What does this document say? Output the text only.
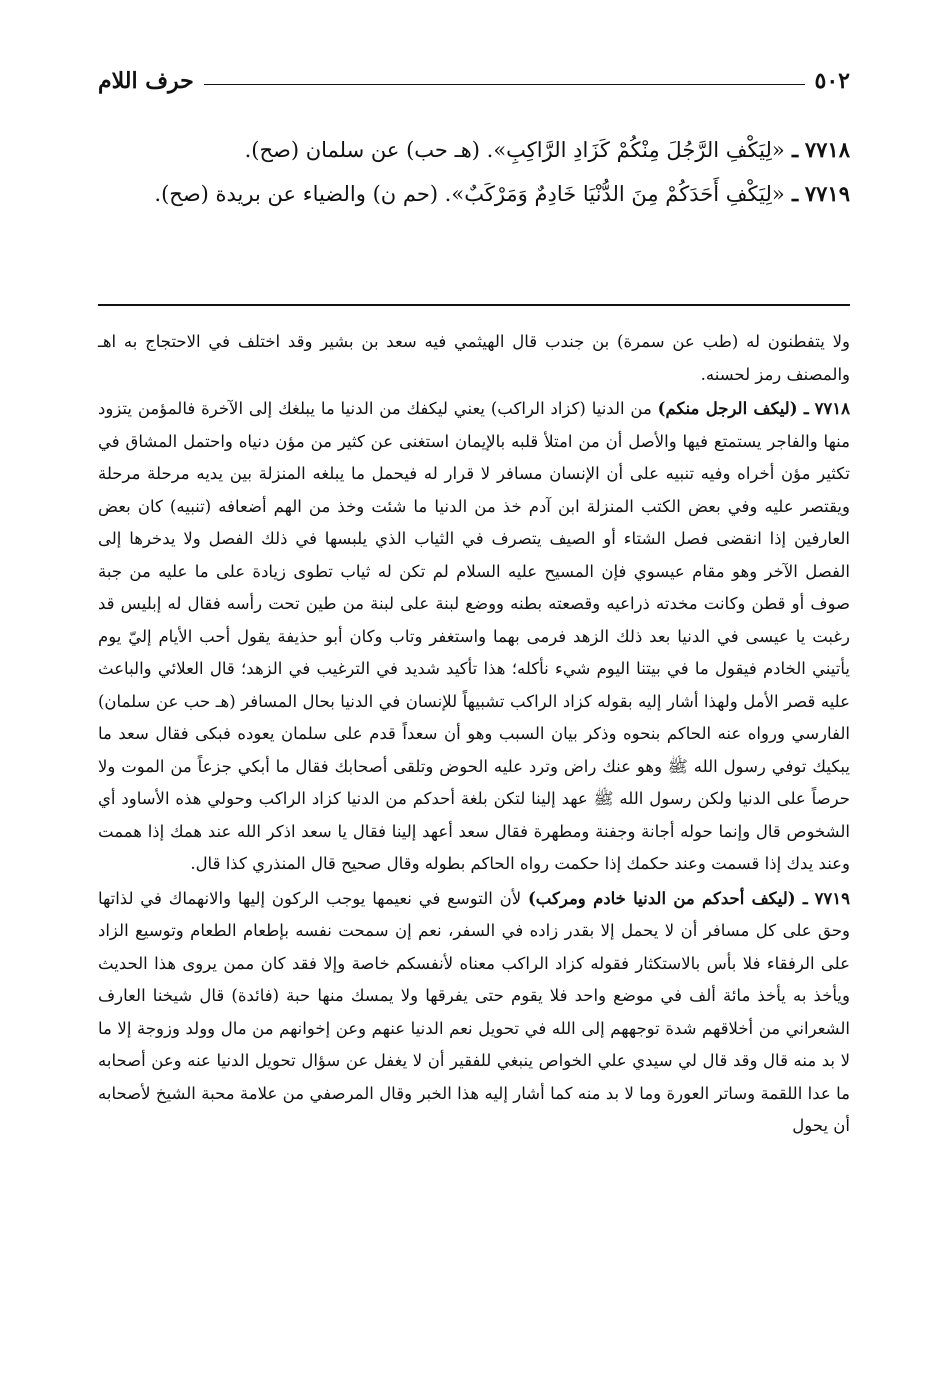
٥٠٢
حرف اللام

٧٧١٨ ـ «لِيَكْفِ الرَّجُلَ مِنْكُمْ كَزَادِ الرَّاكِبِ». (هـ حب) عن سلمان (صح).

٧٧١٩ ـ «لِيَكْفِ أَحَدَكُمْ مِنَ الدُّنْيَا خَادِمٌ وَمَرْكَبٌ». (حم ن) والضياء عن بريدة (صح).

ولا يتفطنون له (طب عن سمرة) بن جندب قال الهيثمي فيه سعد بن بشير وقد اختلف في الاحتجاج به اهـ والمصنف رمز لحسنه.

٧٧١٨ ـ (ليكف الرجل منكم) من الدنيا (كزاد الراكب) يعني ليكفك من الدنيا ما يبلغك إلى الآخرة فالمؤمن يتزود منها والفاجر يستمتع فيها والأصل أن من امتلأ قلبه بالإيمان استغنى عن كثير من مؤن دنياه واحتمل المشاق في تكثير مؤن أخراه وفيه تنبيه على أن الإنسان مسافر لا قرار له فيحمل ما يبلغه المنزلة بين يديه مرحلة مرحلة ويقتصر عليه وفي بعض الكتب المنزلة ابن آدم خذ من الدنيا ما شئت وخذ من الهم أضعافه (تنبيه) كان بعض العارفين إذا انقضى فصل الشتاء أو الصيف يتصرف في الثياب الذي يلبسها في ذلك الفصل ولا يدخرها إلى الفصل الآخر وهو مقام عيسوي فإن المسيح عليه السلام لم تكن له ثياب تطوى زيادة على ما عليه من جبة صوف أو قطن وكانت مخدته ذراعيه وقصعته بطنه ووضع لبنة على لبنة من طين تحت رأسه فقال له إبليس قد رغبت يا عيسى في الدنيا بعد ذلك الزهد فرمى بهما واستغفر وتاب وكان أبو حذيفة يقول أحب الأيام إليّ يوم يأتيني الخادم فيقول ما في بيتنا اليوم شيء نأكله؛ هذا تأكيد شديد في الترغيب في الزهد؛ قال العلائي والباعث عليه قصر الأمل ولهذا أشار إليه بقوله كزاد الراكب تشبيهاً للإنسان في الدنيا بحال المسافر (هـ حب عن سلمان) الفارسي ورواه عنه الحاكم بنحوه وذكر بيان السبب وهو أن سعداً قدم على سلمان يعوده فبكى فقال سعد ما يبكيك توفي رسول الله ﷺ وهو عنك راض وترد عليه الحوض وتلقى أصحابك فقال ما أبكي جزعاً من الموت ولا حرصاً على الدنيا ولكن رسول الله ﷺ عهد إلينا لتكن بلغة أحدكم من الدنيا كزاد الراكب وحولي هذه الأساود أي الشخوص قال وإنما حوله أجانة وجفنة ومطهرة فقال سعد أعهد إلينا فقال يا سعد اذكر الله عند همك إذا هممت وعند يدك إذا قسمت وعند حكمك إذا حكمت رواه الحاكم بطوله وقال صحيح قال المنذري كذا قال.

٧٧١٩ ـ (ليكف أحدكم من الدنيا خادم ومركب) لأن التوسع في نعيمها يوجب الركون إليها والانهماك في لذاتها وحق على كل مسافر أن لا يحمل إلا بقدر زاده في السفر، نعم إن سمحت نفسه بإطعام الطعام وتوسيع الزاد على الرفقاء فلا بأس بالاستكثار فقوله كزاد الراكب معناه لأنفسكم خاصة وإلا فقد كان ممن يروى هذا الحديث ويأخذ به يأخذ مائة ألف في موضع واحد فلا يقوم حتى يفرقها ولا يمسك منها حبة (فائدة) قال شيخنا العارف الشعراني من أخلاقهم شدة توجههم إلى الله في تحويل نعم الدنيا عنهم وعن إخوانهم من مال وولد وزوجة إلا ما لا بد منه قال وقد قال لي سيدي علي الخواص ينبغي للفقير أن لا يغفل عن سؤال تحويل الدنيا عنه وعن أصحابه ما عدا اللقمة وساتر العورة وما لا بد منه كما أشار إليه هذا الخبر وقال المرصفي من علامة محبة الشيخ لأصحابه أن يحول
